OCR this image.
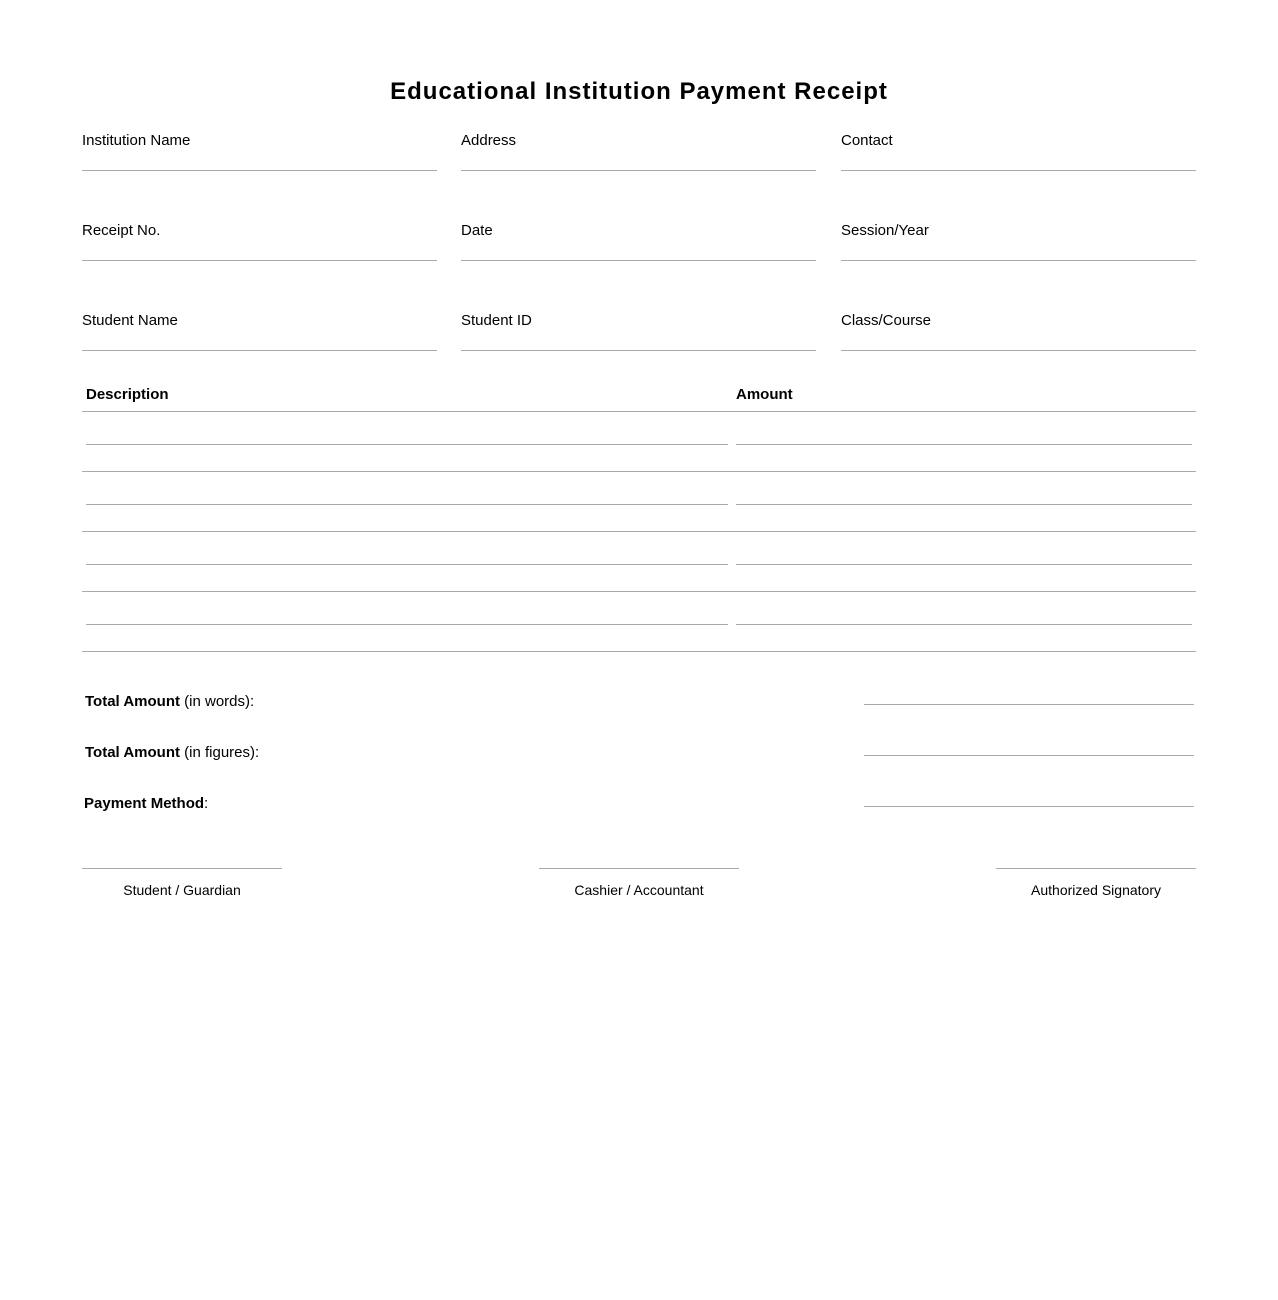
Educational Institution Payment Receipt
Institution Name	Address	Contact
Receipt No.	Date	Session/Year
Student Name	Student ID	Class/Course
Description	Amount
Total Amount (in words):
Total Amount (in figures):
Payment Method:
Student / Guardian	Cashier / Accountant	Authorized Signatory
